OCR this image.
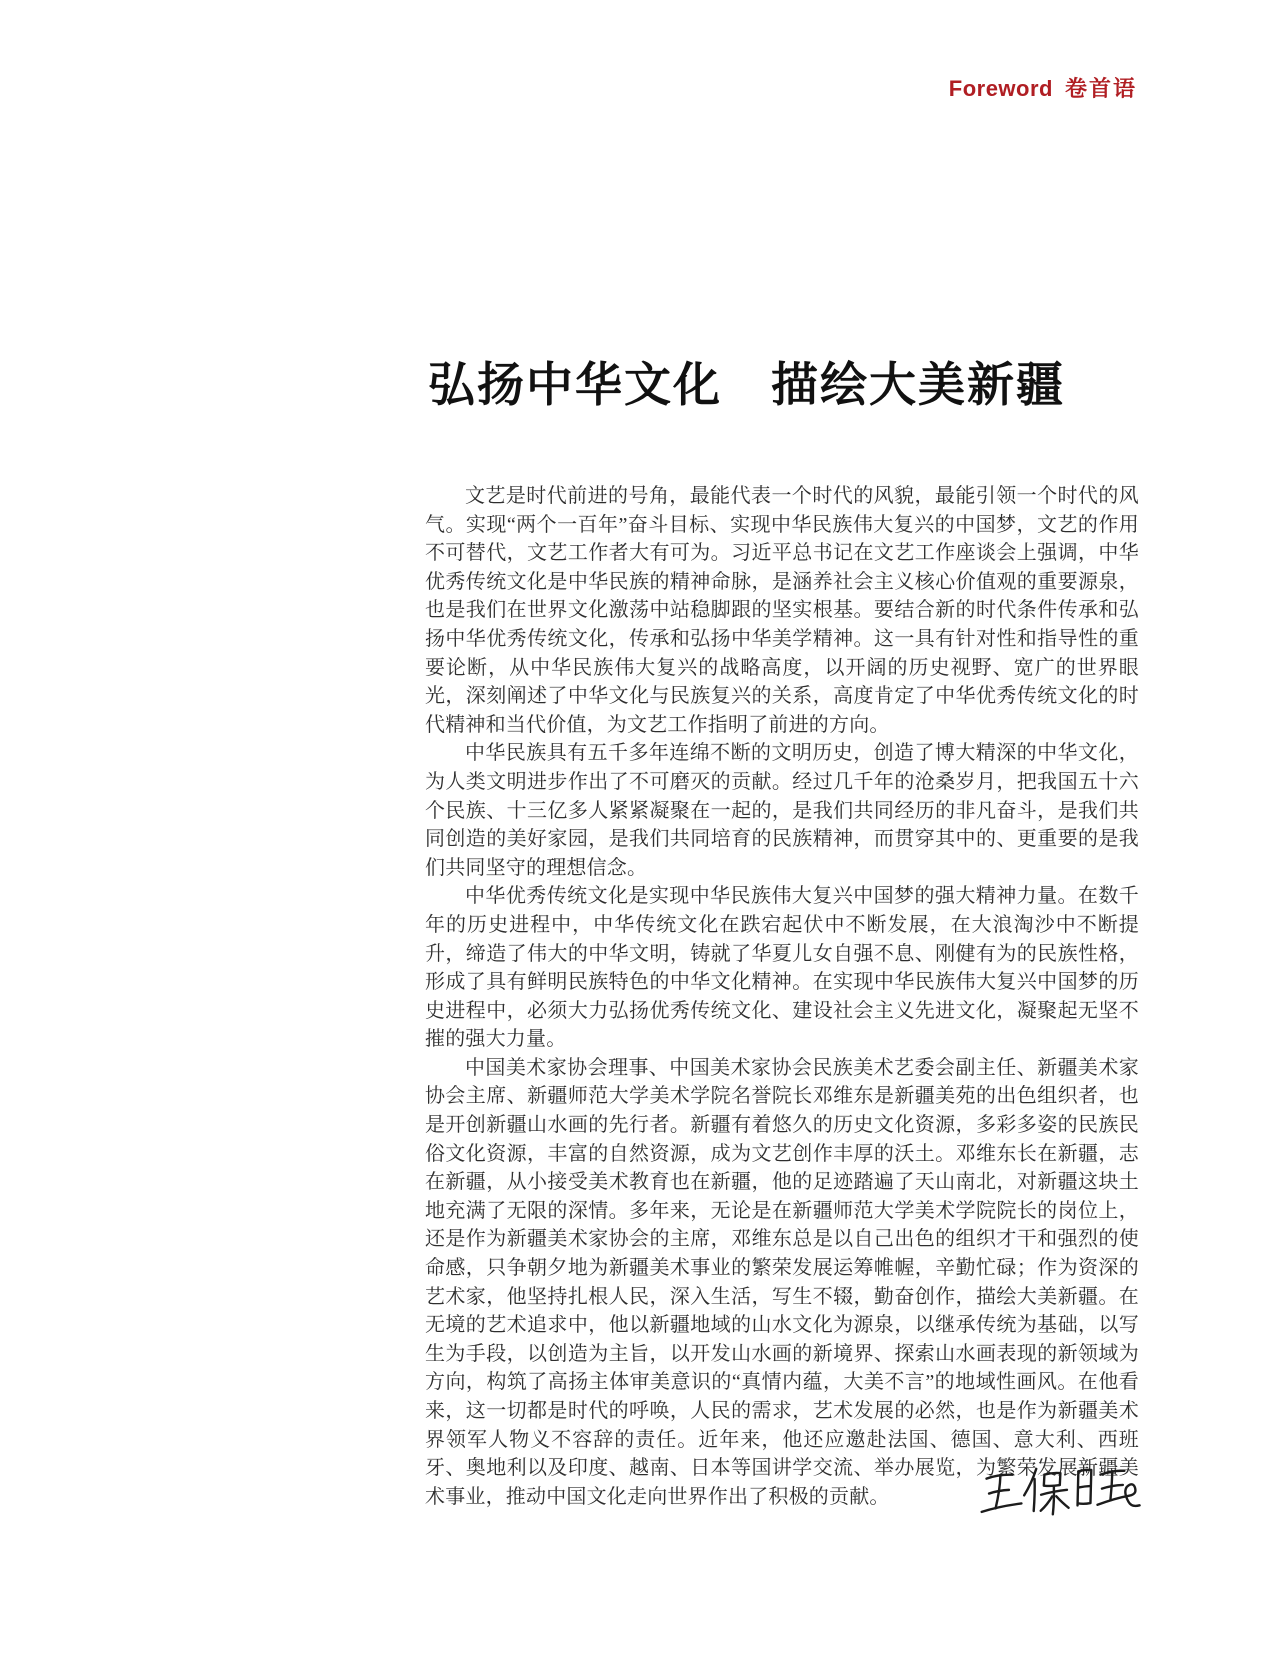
Foreword 卷首语
弘扬中华文化　描绘大美新疆

文艺是时代前进的号角，最能代表一个时代的风貌，最能引领一个时代的风气。实现“两个一百年”奋斗目标、实现中华民族伟大复兴的中国梦，文艺的作用不可替代，文艺工作者大有可为。习近平总书记在文艺工作座谈会上强调，中华优秀传统文化是中华民族的精神命脉，是涵养社会主义核心价值观的重要源泉，也是我们在世界文化激荡中站稳脚跟的坚实根基。要结合新的时代条件传承和弘扬中华优秀传统文化，传承和弘扬中华美学精神。这一具有针对性和指导性的重要论断，从中华民族伟大复兴的战略高度，以开阔的历史视野、宽广的世界眼光，深刻阐述了中华文化与民族复兴的关系，高度肯定了中华优秀传统文化的时代精神和当代价值，为文艺工作指明了前进的方向。

中华民族具有五千多年连绵不断的文明历史，创造了博大精深的中华文化，为人类文明进步作出了不可磨灭的贡献。经过几千年的沧桑岁月，把我国五十六个民族、十三亿多人紧紧凝聚在一起的，是我们共同经历的非凡奋斗，是我们共同创造的美好家园，是我们共同培育的民族精神，而贯穿其中的、更重要的是我们共同坚守的理想信念。

中华优秀传统文化是实现中华民族伟大复兴中国梦的强大精神力量。在数千年的历史进程中，中华传统文化在跌宕起伏中不断发展，在大浪淘沙中不断提升，缔造了伟大的中华文明，铸就了华夏儿女自强不息、刚健有为的民族性格，形成了具有鲜明民族特色的中华文化精神。在实现中华民族伟大复兴中国梦的历史进程中，必须大力弘扬优秀传统文化、建设社会主义先进文化，凝聚起无坚不摧的强大力量。

中国美术家协会理事、中国美术家协会民族美术艺委会副主任、新疆美术家协会主席、新疆师范大学美术学院名誉院长邓维东是新疆美苑的出色组织者，也是开创新疆山水画的先行者。新疆有着悠久的历史文化资源，多彩多姿的民族民俗文化资源，丰富的自然资源，成为文艺创作丰厚的沃土。邓维东长在新疆，志在新疆，从小接受美术教育也在新疆，他的足迹踏遍了天山南北，对新疆这块土地充满了无限的深情。多年来，无论是在新疆师范大学美术学院院长的岗位上，还是作为新疆美术家协会的主席，邓维东总是以自己出色的组织才干和强烈的使命感，只争朝夕地为新疆美术事业的繁荣发展运筹帷幄，辛勤忙碌；作为资深的艺术家，他坚持扎根人民，深入生活，写生不辍，勤奋创作，描绘大美新疆。在无境的艺术追求中，他以新疆地域的山水文化为源泉，以继承传统为基础，以写生为手段，以创造为主旨，以开发山水画的新境界、探索山水画表现的新领域为方向，构筑了高扬主体审美意识的“真情内蕴，大美不言”的地域性画风。在他看来，这一切都是时代的呼唤，人民的需求，艺术发展的必然，也是作为新疆美术界领军人物义不容辞的责任。近年来，他还应邀赴法国、德国、意大利、西班牙、奥地利以及印度、越南、日本等国讲学交流、举办展览，为繁荣发展新疆美术事业，推动中国文化走向世界作出了积极的贡献。
